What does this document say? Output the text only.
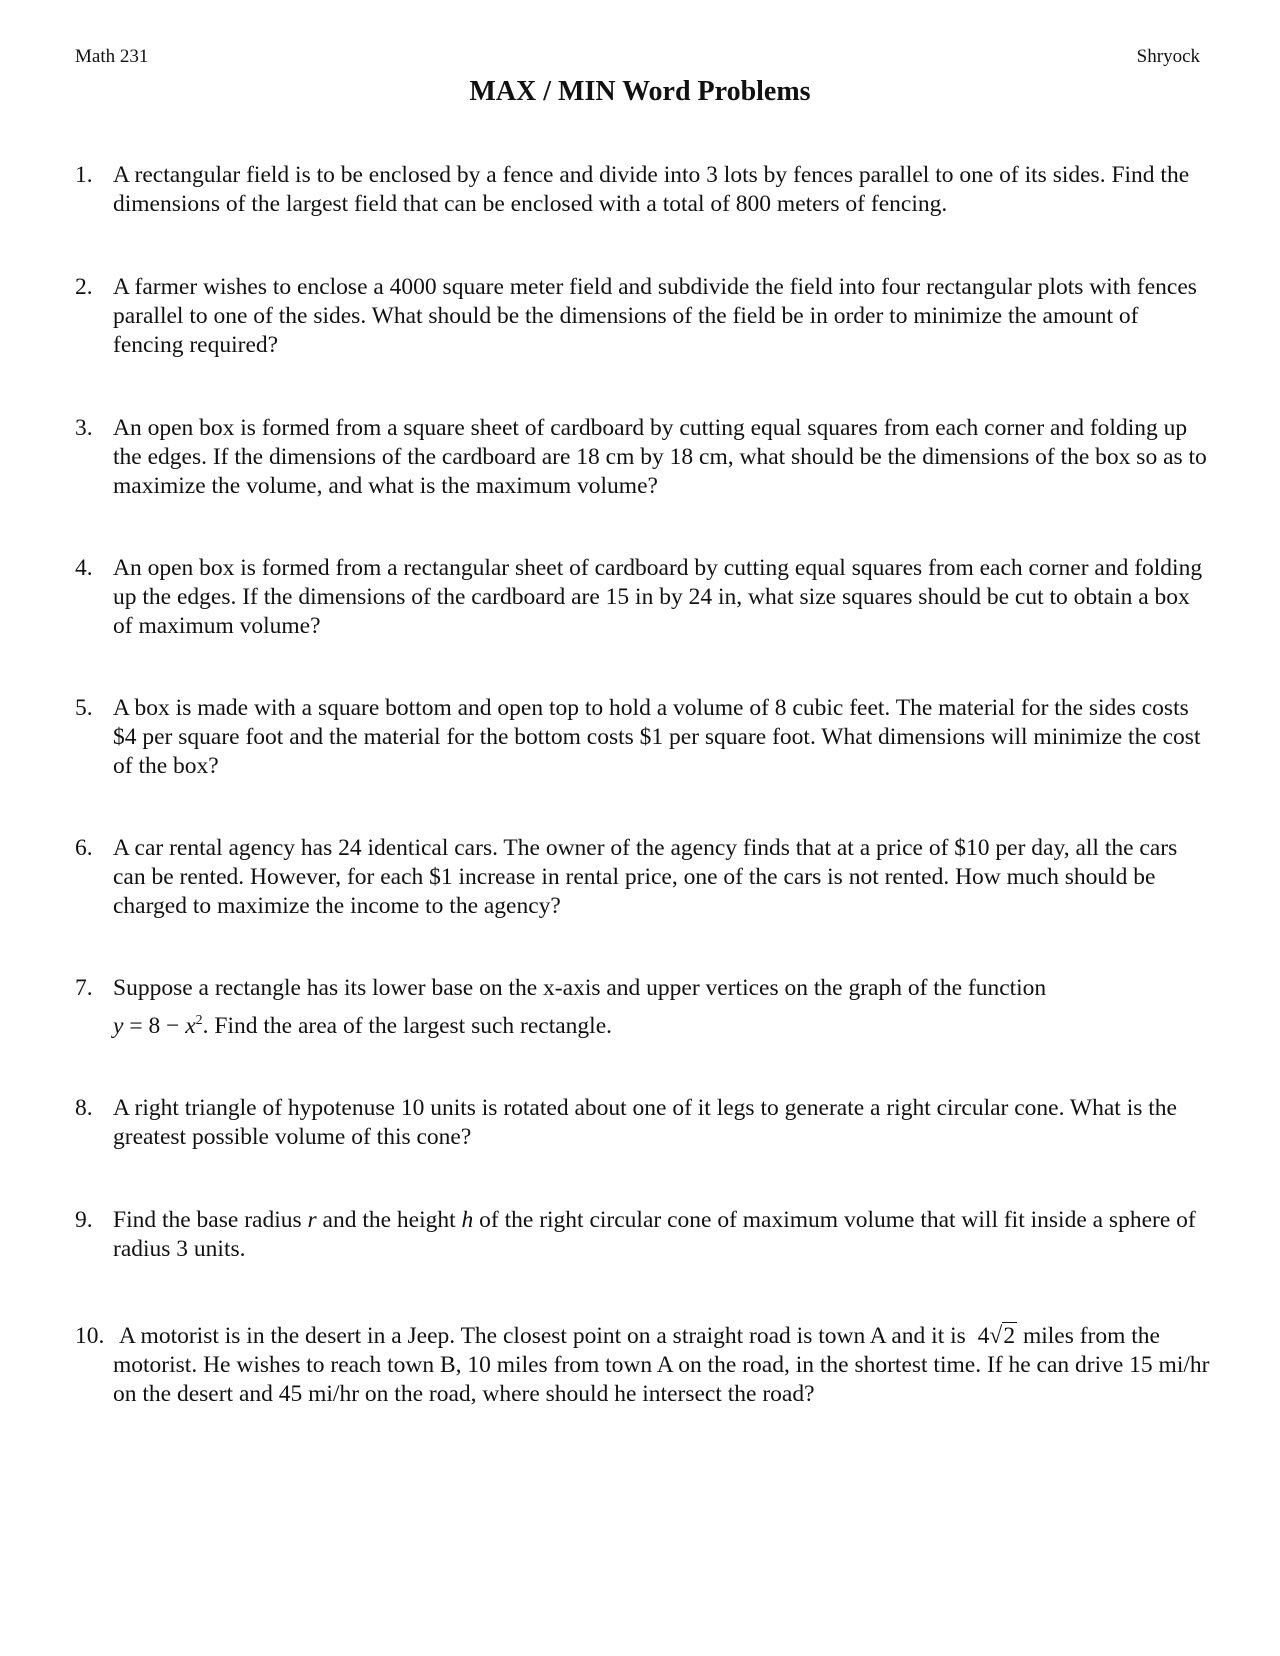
Math 231	Shryock
MAX / MIN Word Problems
1. A rectangular field is to be enclosed by a fence and divide into 3 lots by fences parallel to one of its sides. Find the dimensions of the largest field that can be enclosed with a total of 800 meters of fencing.
2. A farmer wishes to enclose a 4000 square meter field and subdivide the field into four rectangular plots with fences parallel to one of the sides. What should be the dimensions of the field be in order to minimize the amount of fencing required?
3. An open box is formed from a square sheet of cardboard by cutting equal squares from each corner and folding up the edges. If the dimensions of the cardboard are 18 cm by 18 cm, what should be the dimensions of the box so as to maximize the volume, and what is the maximum volume?
4. An open box is formed from a rectangular sheet of cardboard by cutting equal squares from each corner and folding up the edges. If the dimensions of the cardboard are 15 in by 24 in, what size squares should be cut to obtain a box of maximum volume?
5. A box is made with a square bottom and open top to hold a volume of 8 cubic feet. The material for the sides costs $4 per square foot and the material for the bottom costs $1 per square foot. What dimensions will minimize the cost of the box?
6. A car rental agency has 24 identical cars. The owner of the agency finds that at a price of $10 per day, all the cars can be rented. However, for each $1 increase in rental price, one of the cars is not rented. How much should be charged to maximize the income to the agency?
7. Suppose a rectangle has its lower base on the x-axis and upper vertices on the graph of the function
$y = 8 - x^2$. Find the area of the largest such rectangle.
8. A right triangle of hypotenuse 10 units is rotated about one of it legs to generate a right circular cone. What is the greatest possible volume of this cone?
9. Find the base radius r and the height h of the right circular cone of maximum volume that will fit inside a sphere of radius 3 units.
10. A motorist is in the desert in a Jeep. The closest point on a straight road is town A and it is 4√2 miles from the motorist. He wishes to reach town B, 10 miles from town A on the road, in the shortest time. If he can drive 15 mi/hr on the desert and 45 mi/hr on the road, where should he intersect the road?
